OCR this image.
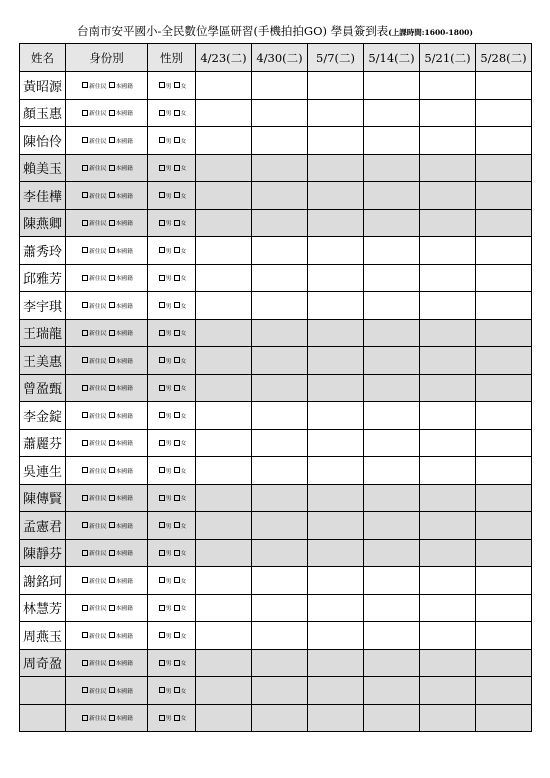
台南市安平國小-全民數位學區研習(手機拍拍GO) 學員簽到表(上課時間:1600-1800)
姓名	身份別	性別	4/23(二)	4/30(二)	5/7(二)	5/14(二)	5/21(二)	5/28(二)
黃昭源	新住民 本國籍	男 女						
顏玉惠	新住民 本國籍	男 女						
陳怡伶	新住民 本國籍	男 女						
賴美玉	新住民 本國籍	男 女						
李佳樺	新住民 本國籍	男 女						
陳燕卿	新住民 本國籍	男 女						
蕭秀玲	新住民 本國籍	男 女						
邱雅芳	新住民 本國籍	男 女						
李宇琪	新住民 本國籍	男 女						
王瑞龍	新住民 本國籍	男 女						
王美惠	新住民 本國籍	男 女						
曾盈甄	新住民 本國籍	男 女						
李金錠	新住民 本國籍	男 女						
蕭麗芬	新住民 本國籍	男 女						
吳連生	新住民 本國籍	男 女						
陳傳賢	新住民 本國籍	男 女						
孟憲君	新住民 本國籍	男 女						
陳靜芬	新住民 本國籍	男 女						
謝銘珂	新住民 本國籍	男 女						
林慧芳	新住民 本國籍	男 女						
周燕玉	新住民 本國籍	男 女						
周奇盈	新住民 本國籍	男 女						
	新住民 本國籍	男 女						
	新住民 本國籍	男 女						
